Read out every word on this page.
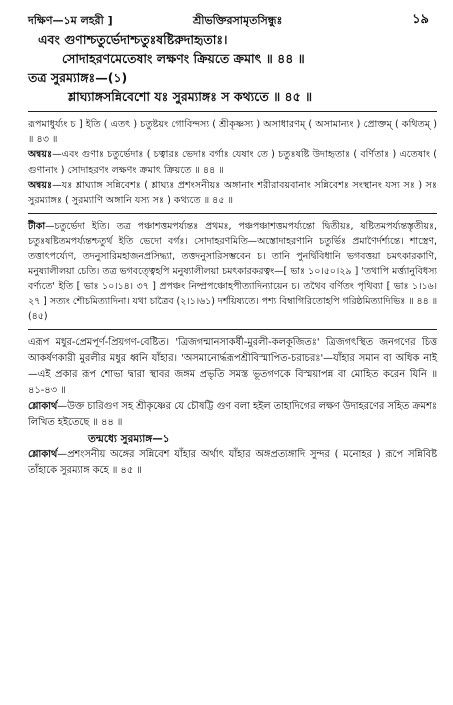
দক্ষিণ—১ম লহরী ]	শ্রীভক্তিরসামৃতসিন্ধুঃ	১৯
এবং গুণাশ্চতুর্ভেদাশ্চতুঃষষ্টিরুদাহৃতাঃ।
সোদাহরণমেতেষাং লক্ষণং ক্রিয়তে ক্রমাৎ ॥ ৪৪ ॥
তত্র সুরম্যাঙ্গঃ—(১)
শ্লাঘ্যাঙ্গসন্নিবেশো যঃ সুরম্যাঙ্গঃ স কথ্যতে ॥ ৪৫ ॥

রূপমাধুর্য্যং চ ] ইতি ( এতৎ ) চতুষ্টয়ং গোবিন্দস্য ( শ্রীকৃষ্ণস্য ) অসাধারণম্ ( অসামান্যং ) প্রোক্তম্ ( কথিতম্ ) ॥ ৪৩ ॥

অন্বয়ঃ—এবং গুণাঃ চতুর্ভেদাঃ ( চত্বারঃ ভেদাঃ বর্গাঃ যেষাং তে ) চতুঃষষ্টি উদাহৃতাঃ ( বর্ণিতাঃ ) এতেষাং ( গুণানাং ) সোদাহরণং লক্ষণং ক্রমাৎ ক্রিয়তে ॥ ৪৪ ॥

অন্বয়ঃ—যঃ শ্লাঘ্যাঙ্গ সন্নিবেশঃ ( শ্লাঘ্যঃ প্রশংসনীয়ঃ অঙ্গানাং শরীরাবয়বানাং সন্নিবেশঃ সংস্থানং যস্য সঃ ) সঃ সুরম্যাঙ্গঃ ( সুরম্যাণি অঙ্গানি যস্য সঃ ) কথ্যতে ॥ ৪৫ ॥

টীকা—চতুর্ভেদা ইতি। তত্র পঞ্চাশত্তমপর্য্যন্তঃ প্রথমঃ, পঞ্চপঞ্চাশত্তমপর্য্যন্তো দ্বিতীয়ঃ, ষষ্টিতমপর্য্যন্তস্তৃতীয়ঃ, চতুঃষষ্টিতমপর্য্যন্তশ্চতুর্থ ইতি ভেদো বর্গঃ। সোদাহরণমিতি—অস্তোদাহরণানি চতুর্ভিঃ প্রমাণৈর্দর্শ্যন্তে। শাস্ত্রেণ, তত্তাৎপর্য্যেণ, তদনুসারিমহাজনপ্রসিদ্ধ্যা, তত্তদনুসারিসম্ভবেন চ। তানি পুনর্দ্বিবিধানি ভগবত্তয়া চমৎকারকাণি, মনুষ্যালীলয়া চেতি। তত্র ভগবত্ত্বেহপি মনুষ্যালীলয়া চমৎকারকরত্বং—[ ভাঃ ১০।৫০।২৯ ] 'তথাপি মর্ত্ত্যানুবিধস্য বর্ণ্যতে' ইতি [ ভাঃ ১০।১৪। ৩৭ ] প্রপঞ্চং নিষ্প্রপঞ্চোহপীত্যাদিন্যায়েন চ। তথৈব বর্ণিতং পৃথিব্যা [ ভাঃ ১।১৬।২৭ ] সত্যং শৌচমিত্যাদিনা। যথা চাত্রৈব (২।১।৬১) দর্শয়িষ্যতে। পশ্য বিম্বাগিরিতোহপি গরিষ্ঠমিত্যাদিভিঃ ॥ ৪৪ ॥ (৪৫)

এরূপ মধুর-প্রেমপূর্ণ-প্রিয়গণ-বেষ্টিত। 'ত্রিজগন্মানসাকর্ষী-মুরলী-কলকূজিতঃ' ত্রিজগৎস্থিত জনগণের চিত্ত আকর্ষণকারী মুরলীর মধুর ধ্বনি যাঁহার। 'অসমানোর্দ্ধরূপশ্রীবিস্মাপিত-চরাচরঃ'—যাঁহার সমান বা অধিক নাই—এই প্রকার রূপ শোভা দ্বারা স্থাবর জঙ্গম প্রভৃতি সমস্ত ভূতগণকে বিস্ময়াপন্ন বা মোহিত করেন যিনি ॥ ৪১-৪৩ ॥

শ্লোকার্থ—উক্ত চারিগুণ সহ শ্রীকৃষ্ণের যে চৌষট্টি গুণ বলা হইল তাহাদিগের লক্ষণ উদাহরণের সহিত ক্রমশঃ লিখিত হইতেছে ॥ ৪৪ ॥

তন্মধ্যে সুরম্যাঙ্গ—১

শ্লোকার্থ—প্রশংসনীয় অঙ্গের সন্নিবেশ যাঁহার অর্থাৎ যাঁহার অঙ্গপ্রত্যঙ্গাদি সুন্দর ( মনোহর ) রূপে সন্নিবিষ্ট তাঁহাকে সুরম্যাঙ্গ কহে ॥ ৪৫ ॥
